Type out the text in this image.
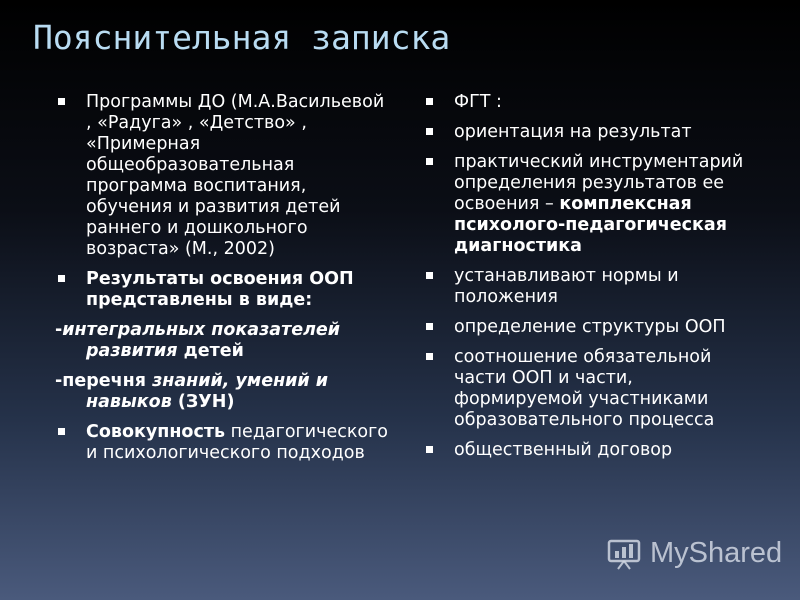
Пояснительная записка
Программы ДО (М.А.Васильевой , «Радуга» , «Детство» , «Примерная общеобразовательная программа воспитания, обучения и развития детей раннего и дошкольного возраста» (М., 2002)
Результаты освоения ООП представлены в виде:
-интегральных показателей развития детей
-перечня знаний, умений и навыков (ЗУН)
Совокупность педагогического и психологического подходов
ФГТ :
ориентация на результат
практический инструментарий определения результатов ее освоения – комплексная психолого-педагогическая диагностика
устанавливают нормы и положения
определение структуры ООП
соотношение обязательной части ООП и части, формируемой участниками образовательного процесса
общественный договор
MyShared
